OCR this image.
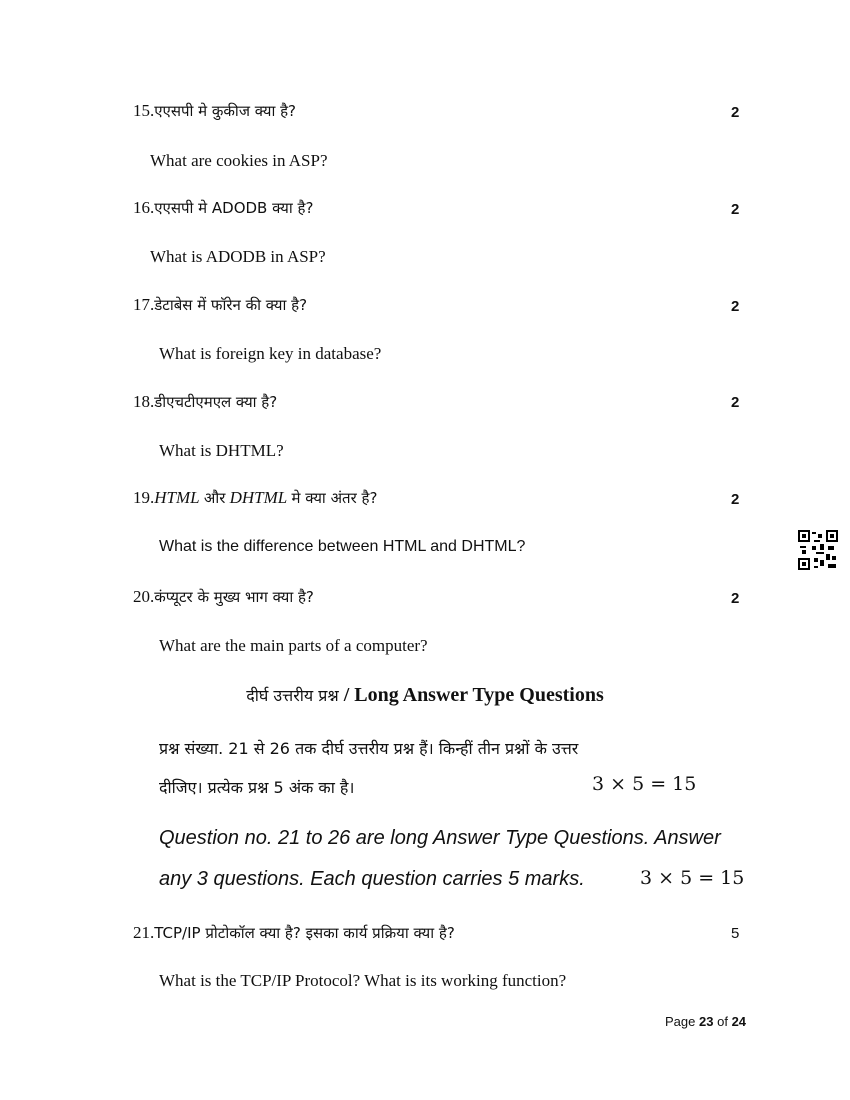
15.एएसपी मे कुकीज क्या है?	2
What are cookies in ASP?
16.एएसपी मे ADODB क्या है?	2
What is ADODB in ASP?
17.डेटाबेस में फॉरेन की क्या है?	2
What is foreign key in database?
18.डीएचटीएमएल क्या है?	2
What is DHTML?
19.HTML और DHTML मे क्या अंतर है?	2
What is the difference between HTML and DHTML?
20.कंप्यूटर के मुख्य भाग क्या है?	2
What are the main parts of a computer?
दीर्घ उत्तरीय प्रश्न / Long Answer Type Questions
प्रश्न संख्या. 21 से 26 तक दीर्घ उत्तरीय प्रश्न हैं। किन्हीं तीन प्रश्नों के उत्तर
दीजिए। प्रत्येक प्रश्न 5 अंक का है।	3 × 5 = 15
Question no. 21 to 26 are long Answer Type Questions. Answer
any 3 questions. Each question carries 5 marks.	3 × 5 = 15
21.TCP/IP प्रोटोकॉल क्या है? इसका कार्य प्रक्रिया क्या है?	5
What is the TCP/IP Protocol? What is its working function?
Page 23 of 24
